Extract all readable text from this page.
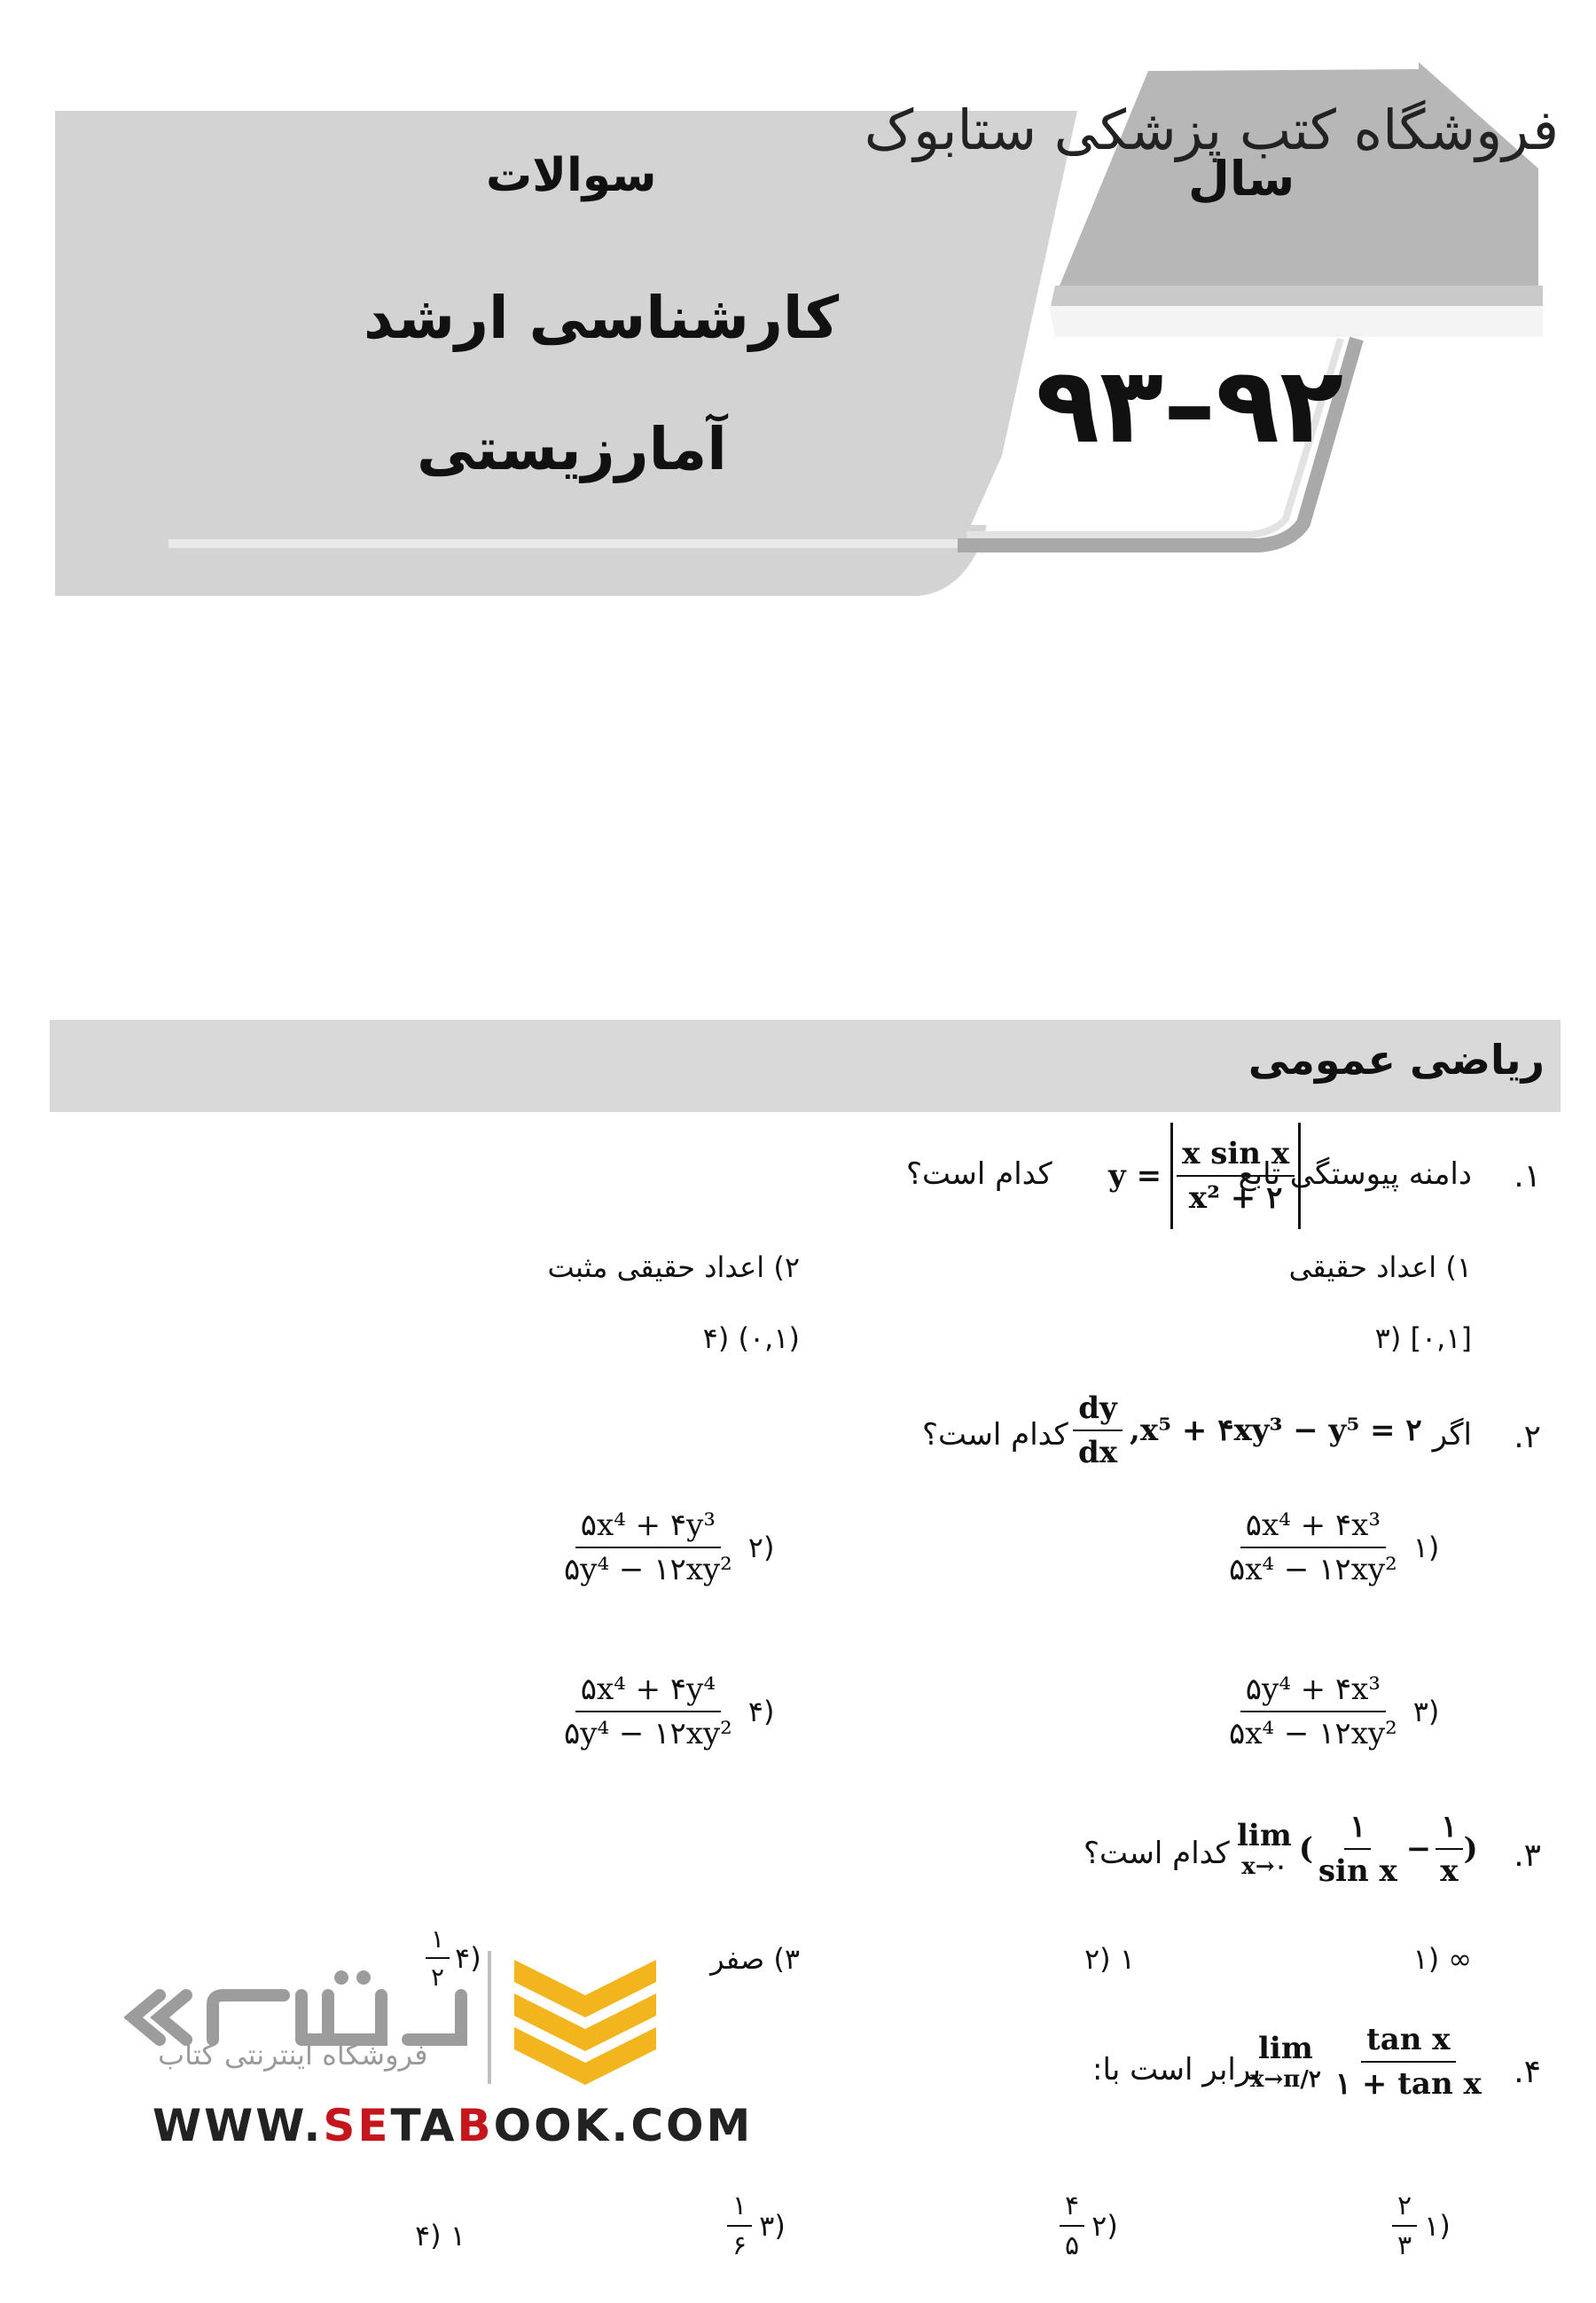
فروشگاه کتب پزشکی ستابوک
سال
سوالات
کارشناسی ارشد
آمارزیستی	۹۳–۹۲
ریاضی عمومی
.۱
دامنه پیوستگی تابع
$y = \frac{\text{x sin x}}{\text{x² + ۲}}$
کدام است؟
۱) اعداد حقیقی
۲) اعداد حقیقی مثبت
۳) [۰,۱]
۴) (۰,۱)
.۲
اگر
$\frac{dy}{dx}$ , x⁵ + ۴xy³ − y⁵ = ۲
کدام است؟
$\frac{\text{۵x⁴ + ۴x³}}{\text{۵x⁴ − ۱۲xy²}}$ ۱)
$\frac{\text{۵x⁴ + ۴y³}}{\text{۵y⁴ − ۱۲xy²}}$ ۲)
$\frac{\text{۵y⁴ + ۴x³}}{\text{۵x⁴ − ۱۲xy²}}$ ۳)
$\frac{\text{۵x⁴ + ۴y⁴}}{\text{۵y⁴ − ۱۲xy²}}$ ۴)
.۳
lim
x→۰ ( $\frac{۱}{\text{sin x}} - \frac{۱}{x}$ )
کدام است؟
۱) ∞
۲) ۱
۳) صفر
$\frac{۱}{۲}$ ۴)
فروشگاه اینترنتی کتاب
WWW.SETABOOK.COM
.۴
lim
x→π/۲ $\frac{\text{tan x}}{\text{۱ + tan x}}$
برابر است با:
$\frac{۲}{۳}$ ۱)
$\frac{۴}{۵}$ ۲)
$\frac{۱}{۶}$ ۳)
۴) ۱
